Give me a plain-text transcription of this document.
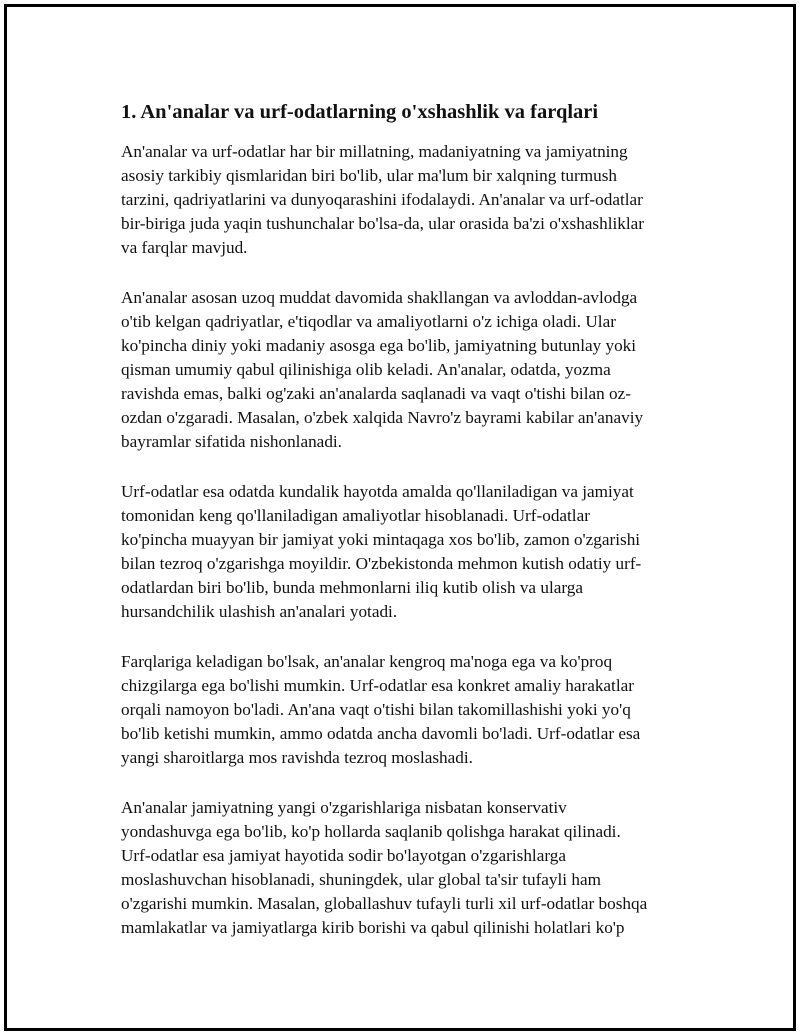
1. An'analar va urf-odatlarning o'xshashlik va farqlari
An'analar va urf-odatlar har bir millatning, madaniyatning va jamiyatning
asosiy tarkibiy qismlaridan biri bo'lib, ular ma'lum bir xalqning turmush
tarzini, qadriyatlarini va dunyoqarashini ifodalaydi. An'analar va urf-odatlar
bir-biriga juda yaqin tushunchalar bo'lsa-da, ular orasida ba'zi o'xshashliklar
va farqlar mavjud.
An'analar asosan uzoq muddat davomida shakllangan va avloddan-avlodga
o'tib kelgan qadriyatlar, e'tiqodlar va amaliyotlarni o'z ichiga oladi. Ular
ko'pincha diniy yoki madaniy asosga ega bo'lib, jamiyatning butunlay yoki
qisman umumiy qabul qilinishiga olib keladi. An'analar, odatda, yozma
ravishda emas, balki og'zaki an'analarda saqlanadi va vaqt o'tishi bilan oz-
ozdan o'zgaradi. Masalan, o'zbek xalqida Navro'z bayrami kabilar an'anaviy
bayramlar sifatida nishonlanadi.
Urf-odatlar esa odatda kundalik hayotda amalda qo'llaniladigan va jamiyat
tomonidan keng qo'llaniladigan amaliyotlar hisoblanadi. Urf-odatlar
ko'pincha muayyan bir jamiyat yoki mintaqaga xos bo'lib, zamon o'zgarishi
bilan tezroq o'zgarishga moyildir. O'zbekistonda mehmon kutish odatiy urf-
odatlardan biri bo'lib, bunda mehmonlarni iliq kutib olish va ularga
hursandchilik ulashish an'analari yotadi.
Farqlariga keladigan bo'lsak, an'analar kengroq ma'noga ega va ko'proq
chizgilarga ega bo'lishi mumkin. Urf-odatlar esa konkret amaliy harakatlar
orqali namoyon bo'ladi. An'ana vaqt o'tishi bilan takomillashishi yoki yo'q
bo'lib ketishi mumkin, ammo odatda ancha davomli bo'ladi. Urf-odatlar esa
yangi sharoitlarga mos ravishda tezroq moslashadi.
An'analar jamiyatning yangi o'zgarishlariga nisbatan konservativ
yondashuvga ega bo'lib, ko'p hollarda saqlanib qolishga harakat qilinadi.
Urf-odatlar esa jamiyat hayotida sodir bo'layotgan o'zgarishlarga
moslashuvchan hisoblanadi, shuningdek, ular global ta'sir tufayli ham
o'zgarishi mumkin. Masalan, globallashuv tufayli turli xil urf-odatlar boshqa
mamlakatlar va jamiyatlarga kirib borishi va qabul qilinishi holatlari ko'p
